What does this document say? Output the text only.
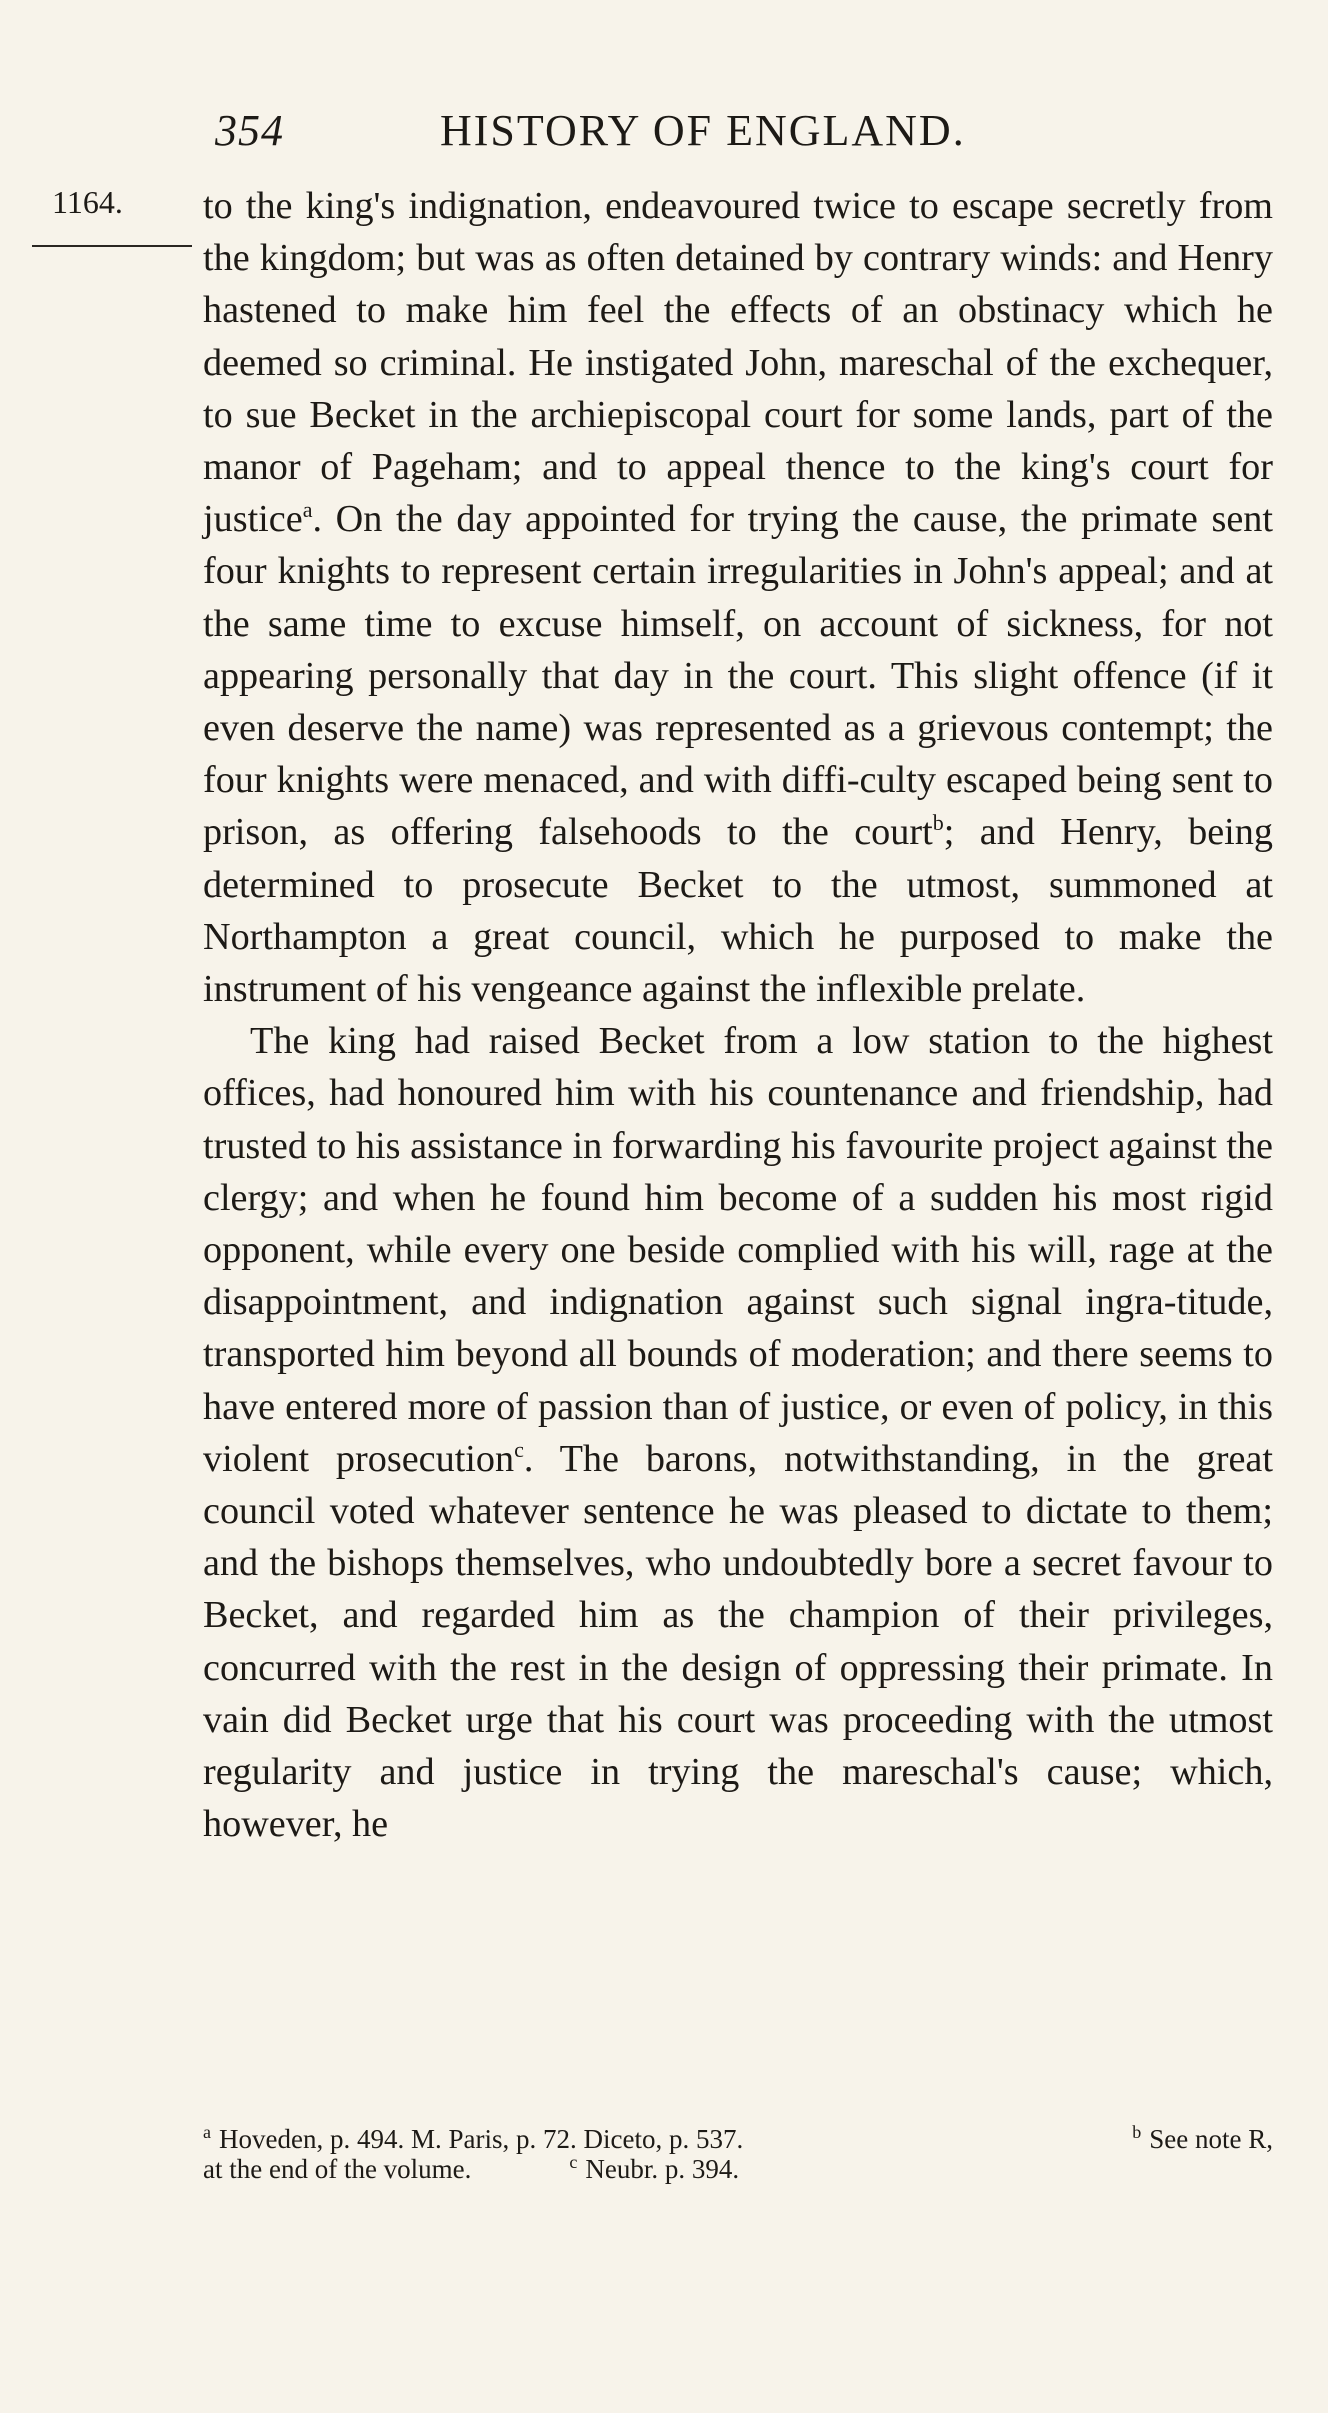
354	HISTORY OF ENGLAND.
1164. to the king's indignation, endeavoured twice to escape secretly from the kingdom; but was as often detained by contrary winds: and Henry hastened to make him feel the effects of an obstinacy which he deemed so criminal. He instigated John, mareschal of the exchequer, to sue Becket in the archiepiscopal court for some lands, part of the manor of Pageham; and to appeal thence to the king's court for justice$^a$. On the day appointed for trying the cause, the primate sent four knights to represent certain irregularities in John's appeal; and at the same time to excuse himself, on account of sickness, for not appearing personally that day in the court. This slight offence (if it even deserve the name) was represented as a grievous contempt; the four knights were menaced, and with diffi-culty escaped being sent to prison, as offering falsehoods to the court$^b$; and Henry, being determined to prosecute Becket to the utmost, summoned at Northampton a great council, which he purposed to make the instrument of his vengeance against the inflexible prelate.

The king had raised Becket from a low station to the highest offices, had honoured him with his countenance and friendship, had trusted to his assistance in forwarding his favourite project against the clergy; and when he found him become of a sudden his most rigid opponent, while every one beside complied with his will, rage at the disappointment, and indignation against such signal ingra-titude, transported him beyond all bounds of moderation; and there seems to have entered more of passion than of justice, or even of policy, in this violent prosecution$^c$. The barons, notwithstanding, in the great council voted whatever sentence he was pleased to dictate to them; and the bishops themselves, who undoubtedly bore a secret favour to Becket, and regarded him as the champion of their privileges, concurred with the rest in the design of oppressing their primate. In vain did Becket urge that his court was proceeding with the utmost regularity and justice in trying the mareschal's cause; which, however, he

$^a$ Hoveden, p. 494. M. Paris, p. 72. Diceto, p. 537.	$^b$ See note R,
at the end of the volume.	$^c$ Neubr. p. 394.
